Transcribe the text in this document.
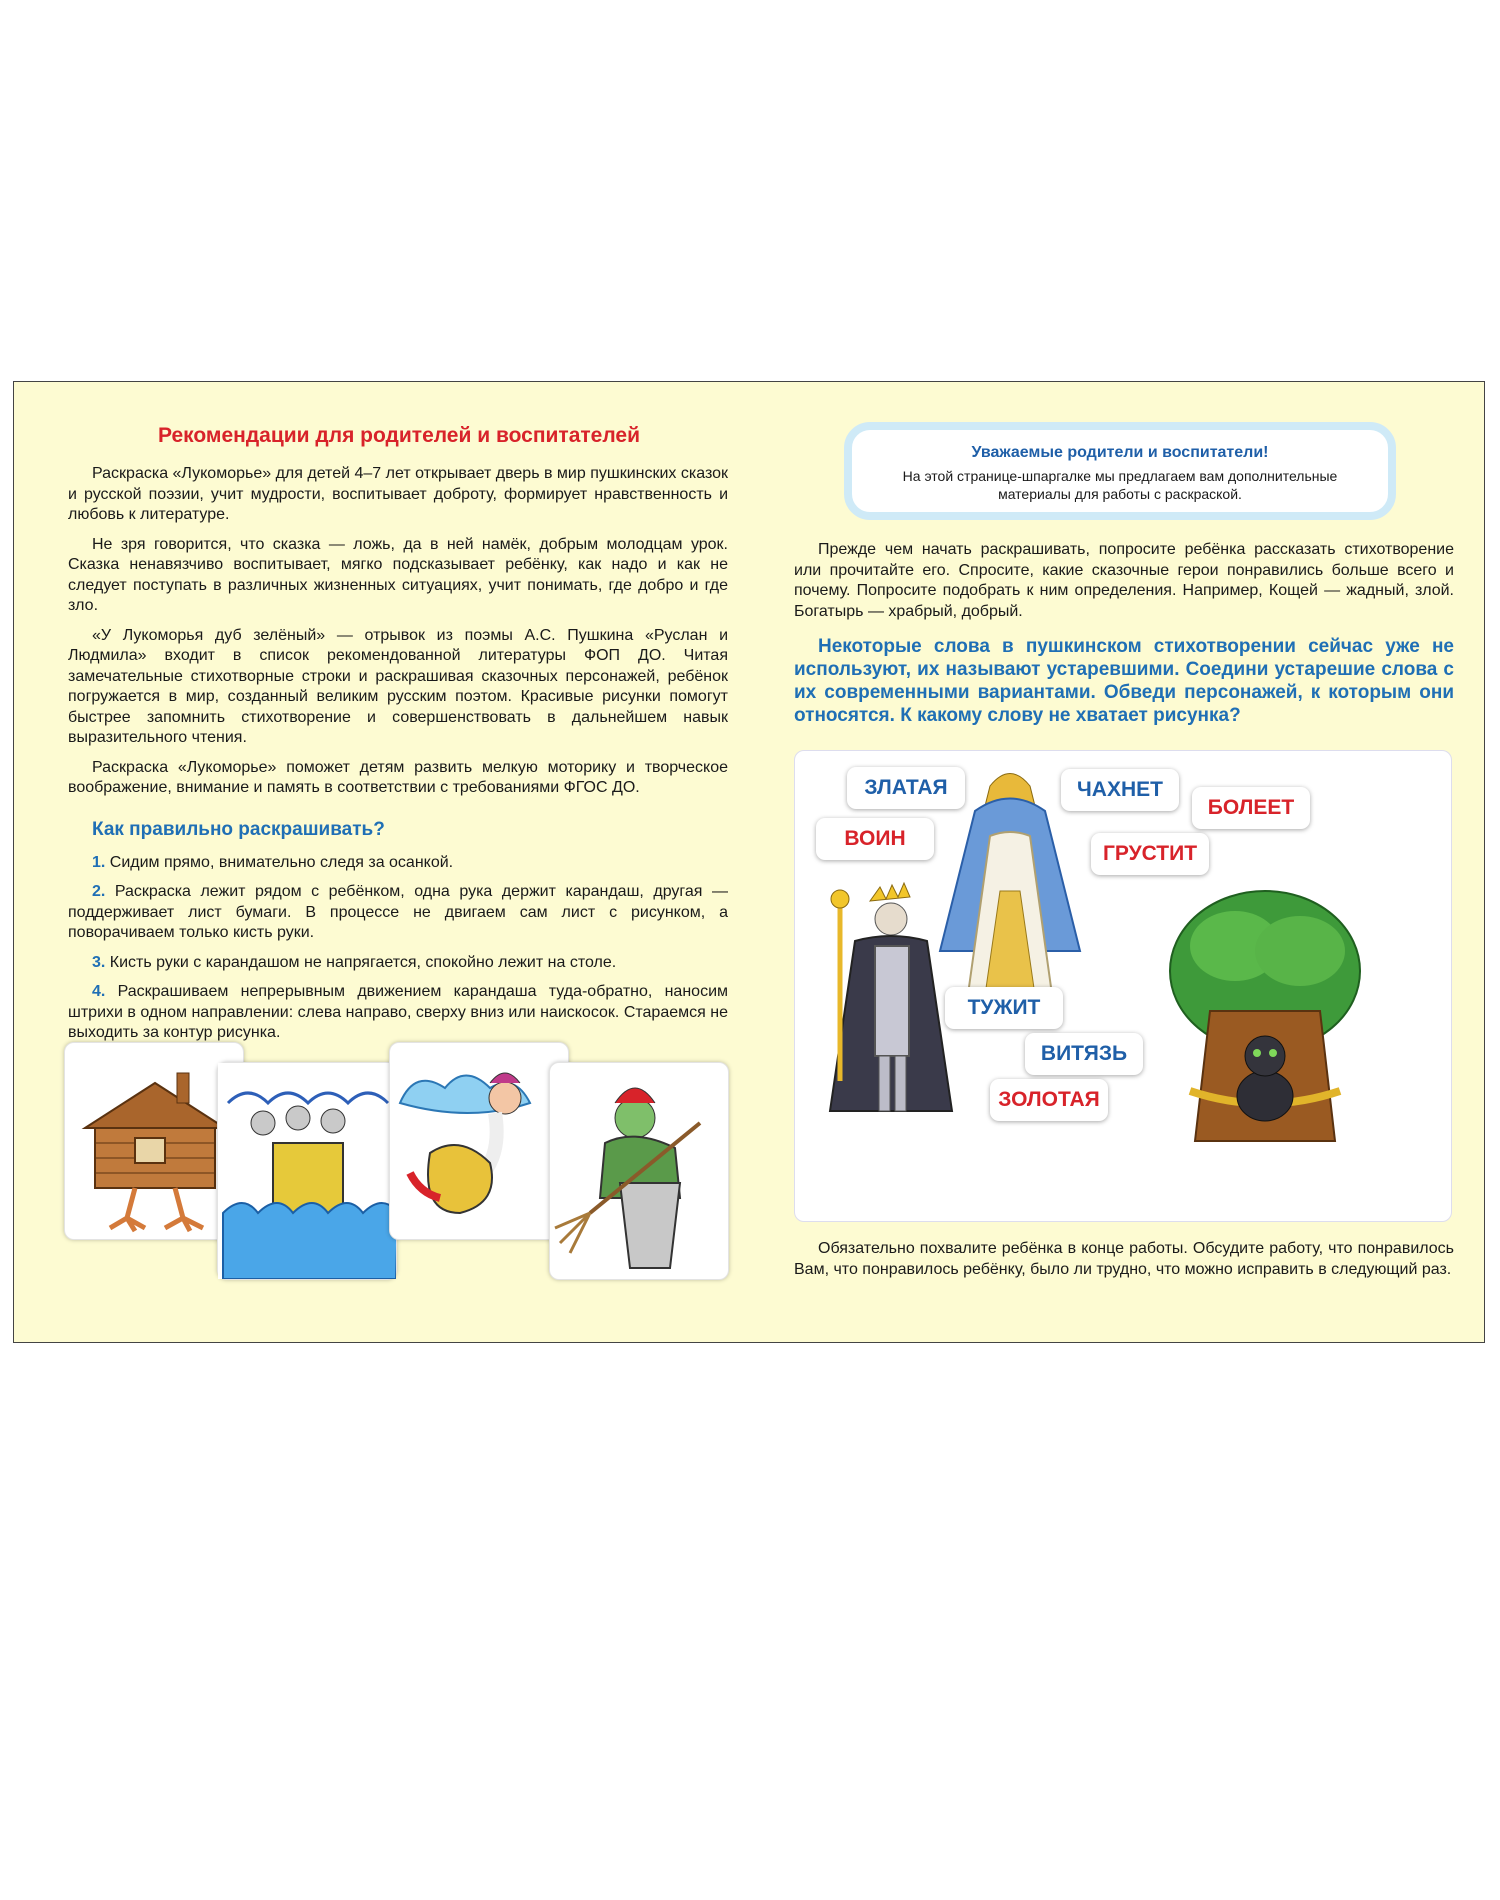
Рекомендации для родителей и воспитателей

Раскраска «Лукоморье» для детей 4–7 лет открывает дверь в мир пушкинских сказок и русской поэзии, учит мудрости, воспитывает доброту, формирует нравственность и любовь к литературе.

Не зря говорится, что сказка — ложь, да в ней намёк, добрым молодцам урок. Сказка ненавязчиво воспитывает, мягко подсказывает ребёнку, как надо и как не следует поступать в различных жизненных ситуациях, учит понимать, где добро и где зло.

«У Лукоморья дуб зелёный» — отрывок из поэмы А.С. Пушкина «Руслан и Людмила» входит в список рекомендованной литературы ФОП ДО. Читая замечательные стихотворные строки и раскрашивая сказочных персонажей, ребёнок погружается в мир, созданный великим русским поэтом. Красивые рисунки помогут быстрее запомнить стихотворение и совершенствовать в дальнейшем навык выразительного чтения.

Раскраска «Лукоморье» поможет детям развить мелкую моторику и творческое воображение, внимание и память в соответствии с требованиями ФГОС ДО.

Как правильно раскрашивать?

1. Сидим прямо, внимательно следя за осанкой.

2. Раскраска лежит рядом с ребёнком, одна рука держит карандаш, другая — поддерживает лист бумаги. В процессе не двигаем сам лист с рисунком, а поворачиваем только кисть руки.

3. Кисть руки с карандашом не напрягается, спокойно лежит на столе.

4. Раскрашиваем непрерывным движением карандаша туда-обратно, наносим штрихи в одном направлении: слева направо, сверху вниз или наискосок. Стараемся не выходить за контур рисунка.

Уважаемые родители и воспитатели!
На этой странице-шпаргалке мы предлагаем вам дополнительные материалы для работы с раскраской.

Прежде чем начать раскрашивать, попросите ребёнка рассказать стихотворение или прочитайте его. Спросите, какие сказочные герои понравились больше всего и почему. Попросите подобрать к ним определения. Например, Кощей — жадный, злой. Богатырь — храбрый, добрый.

Некоторые слова в пушкинском стихотворении сейчас уже не используют, их называют устаревшими. Соедини устарешие слова с их современными вариантами. Обведи персонажей, к которым они относятся. К какому слову не хватает рисунка?
ЗЛАТАЯ	ЧАХНЕТ
БОЛЕЕТ
ВОИН
ГРУСТИТ
ТУЖИТ
ВИТЯЗЬ
ЗОЛОТАЯ

Обязательно похвалите ребёнка в конце работы. Обсудите работу, что понравилось Вам, что понравилось ребёнку, было ли трудно, что можно исправить в следующий раз.
